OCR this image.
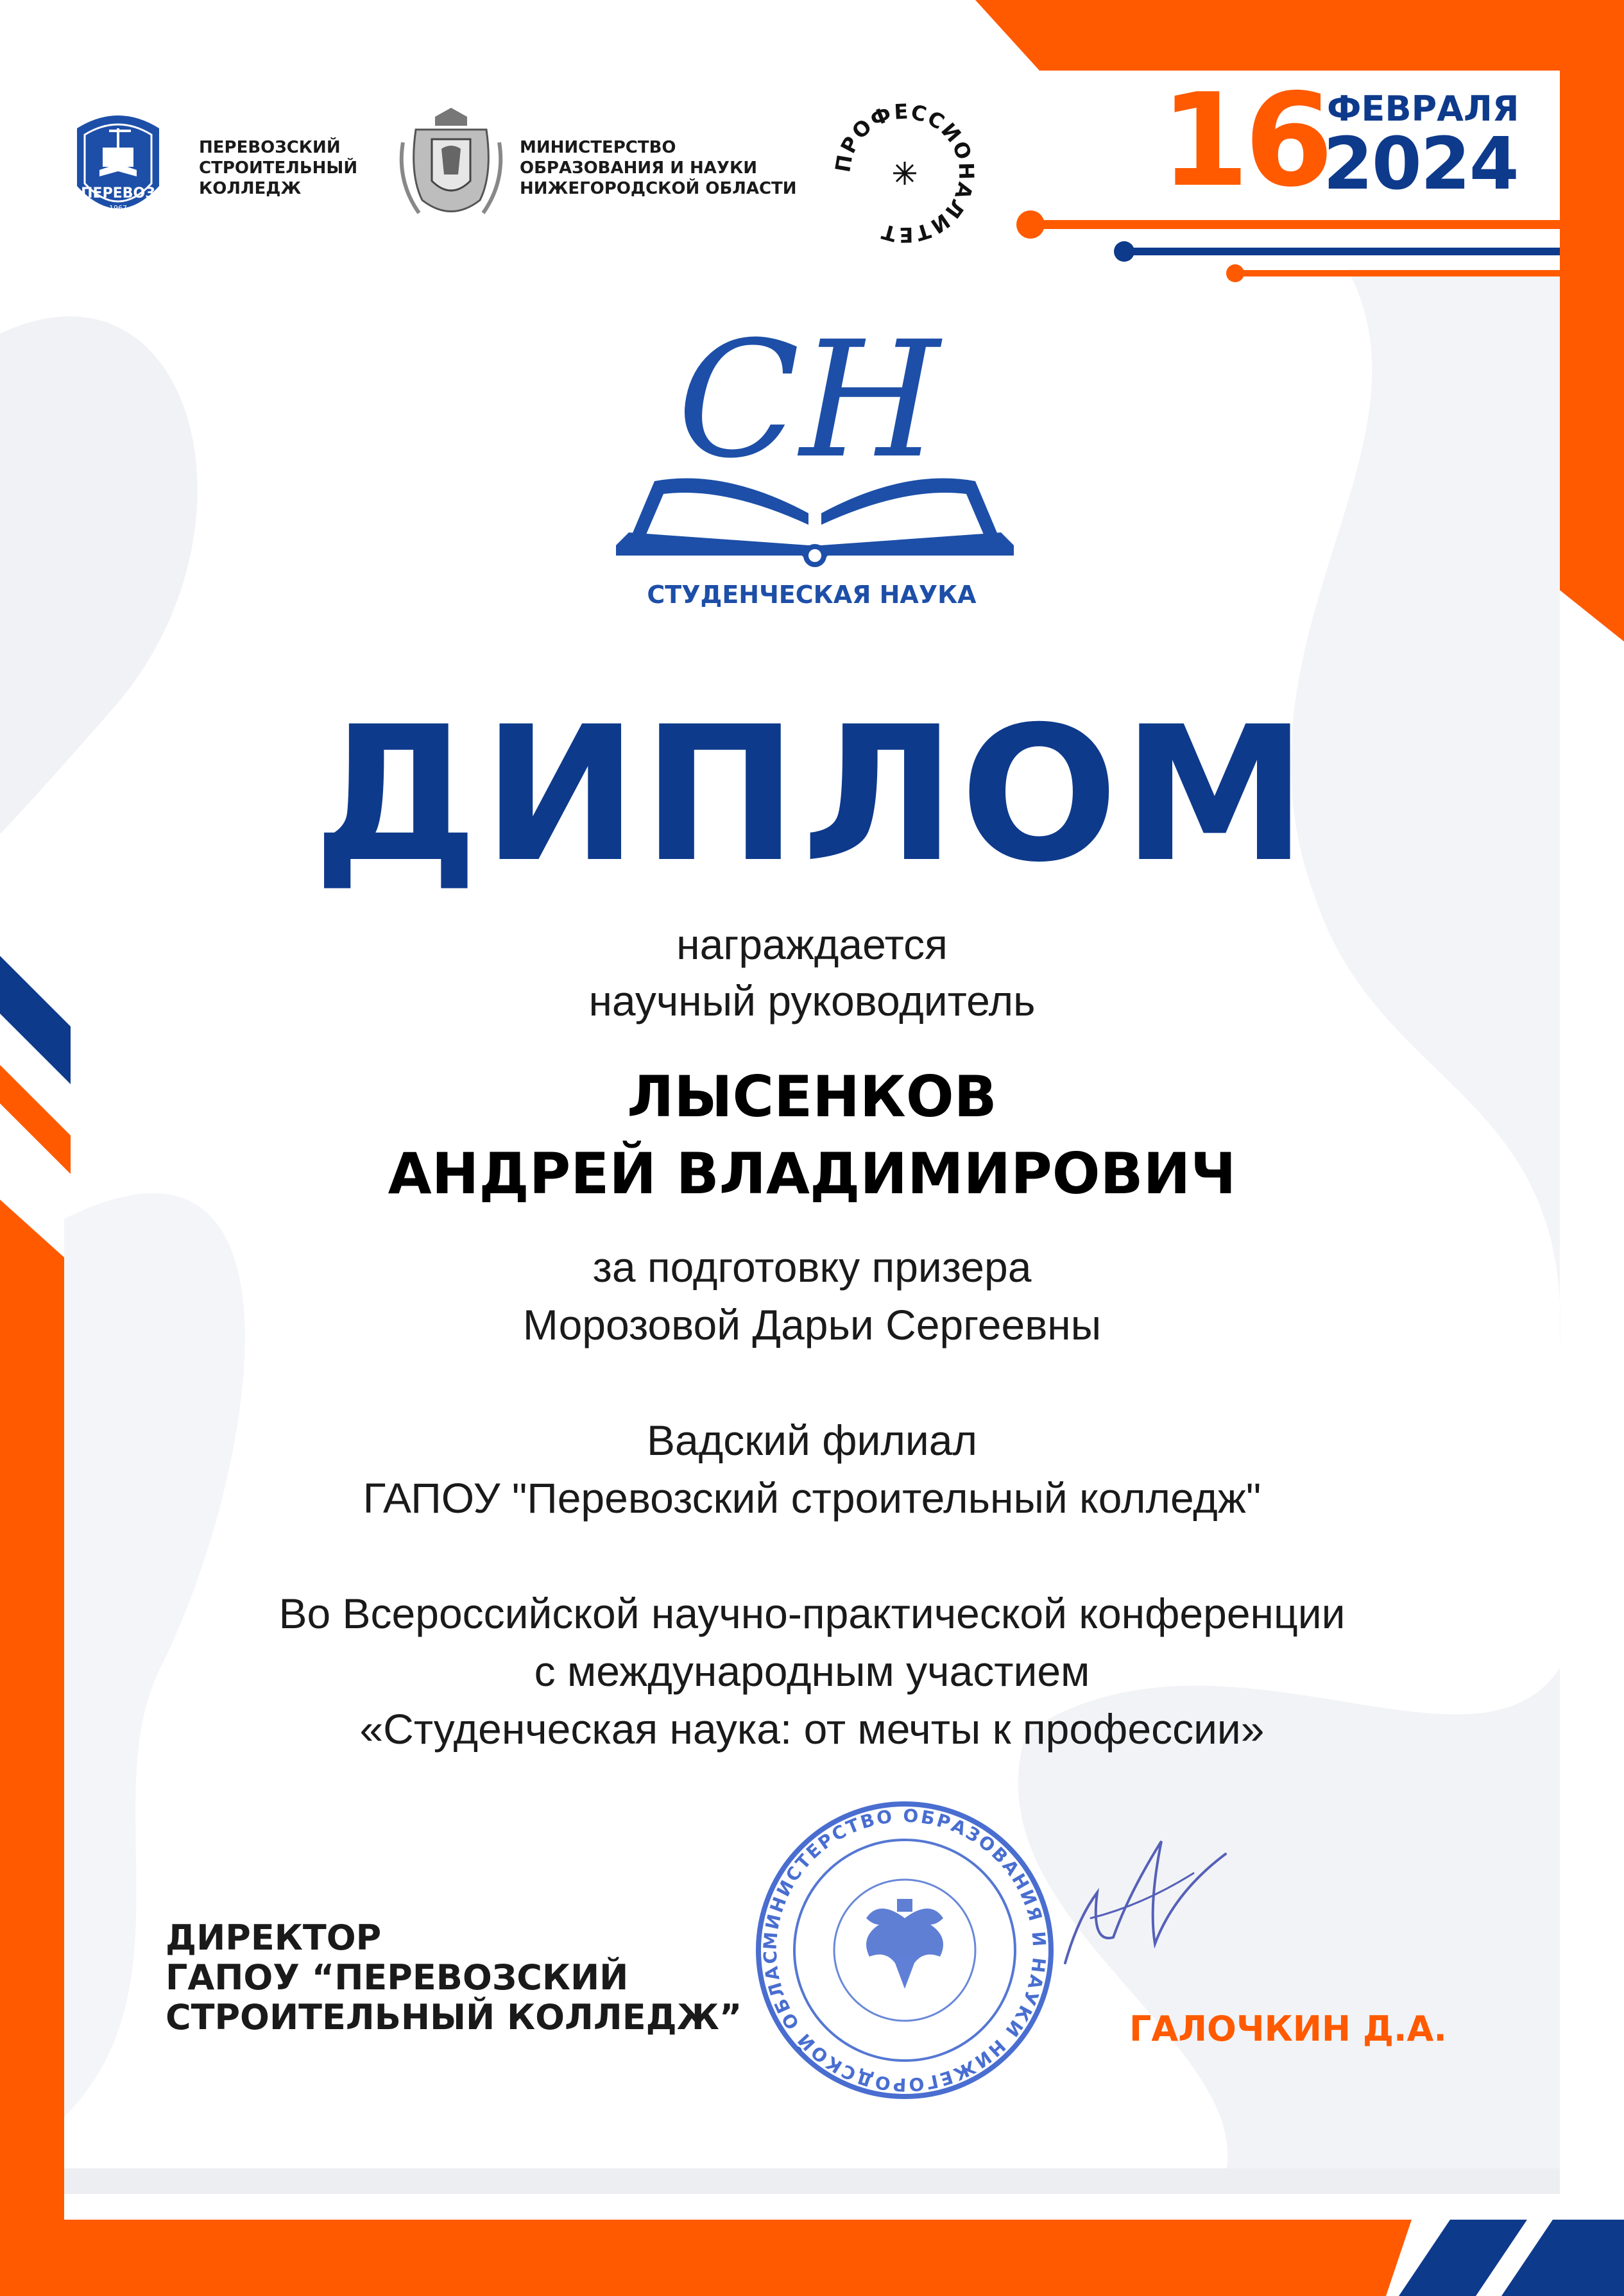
ПЕРЕВОЗ
1967
ПЕРЕВОЗСКИЙ
СТРОИТЕЛЬНЫЙ
КОЛЛЕДЖ
МИНИСТЕРСТВО
ОБРАЗОВАНИЯ И НАУКИ
НИЖЕГОРОДСКОЙ ОБЛАСТИ
РОФЕССИО АЛИТЕТ
16
ФЕВРАЛЯ
2024
СН
СТУДЕНЧЕСКАЯ НАУКА
ДИПЛОМ
награждается
научный руководитель
ЛЫСЕНКОВ
АНДРЕЙ ВЛАДИМИРОВИЧ
за подготовку призера
Морозовой Дарьи Сергеевны
Вадский филиал
ГАПОУ "Перевозский строительный колледж"
Во Всероссийской научно-практической конференции
с международным участием
«Студенческая наука: от мечты к профессии»
ДИРЕКТОР
ГАПОУ “ПЕРЕВОЗСКИЙ
СТРОИТЕЛЬНЫЙ КОЛЛЕДЖ”
МИНИСТЕРСТВО ОБРАЗОВАНИЯ И НАУКИ НИЖЕГОРОДСКОЙ ОБЛАС
ГАЛОЧКИН Д.А.
